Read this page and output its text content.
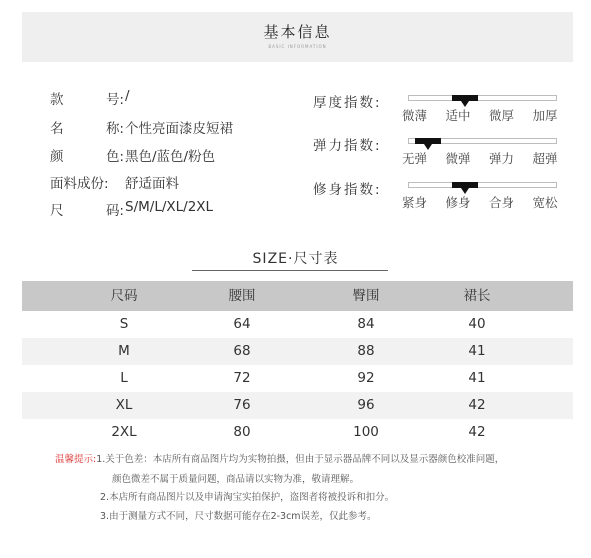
基本信息
BASIC INFORMATION
款	号: /
名	称: 个性亮面漆皮短裙
颜	色: 黑色/蓝色/粉色
面料成份: 舒适面料
尺	码: S/M/L/XL/2XL
厚度指数:
微薄 适中 微厚 加厚
弹力指数:
无弹 微弹 弹力 超弹
修身指数:
紧身 修身 合身 宽松
SIZE·尺寸表
尺码	腰围	臀围	裙长
S	64	84	40
M	68	88	41
L	72	92	41
XL	76	96	42
2XL	80	100	42
温馨提示:1.关于色差：本店所有商品图片均为实物拍摄，但由于显示器品牌不同以及显示器颜色校准问题，
颜色微差不属于质量问题，商品请以实物为准，敬请理解。
2.本店所有商品图片以及申请淘宝实拍保护，盗图者将被投诉和扣分。
3.由于测量方式不同，尺寸数据可能存在2-3cm误差，仅此参考。
